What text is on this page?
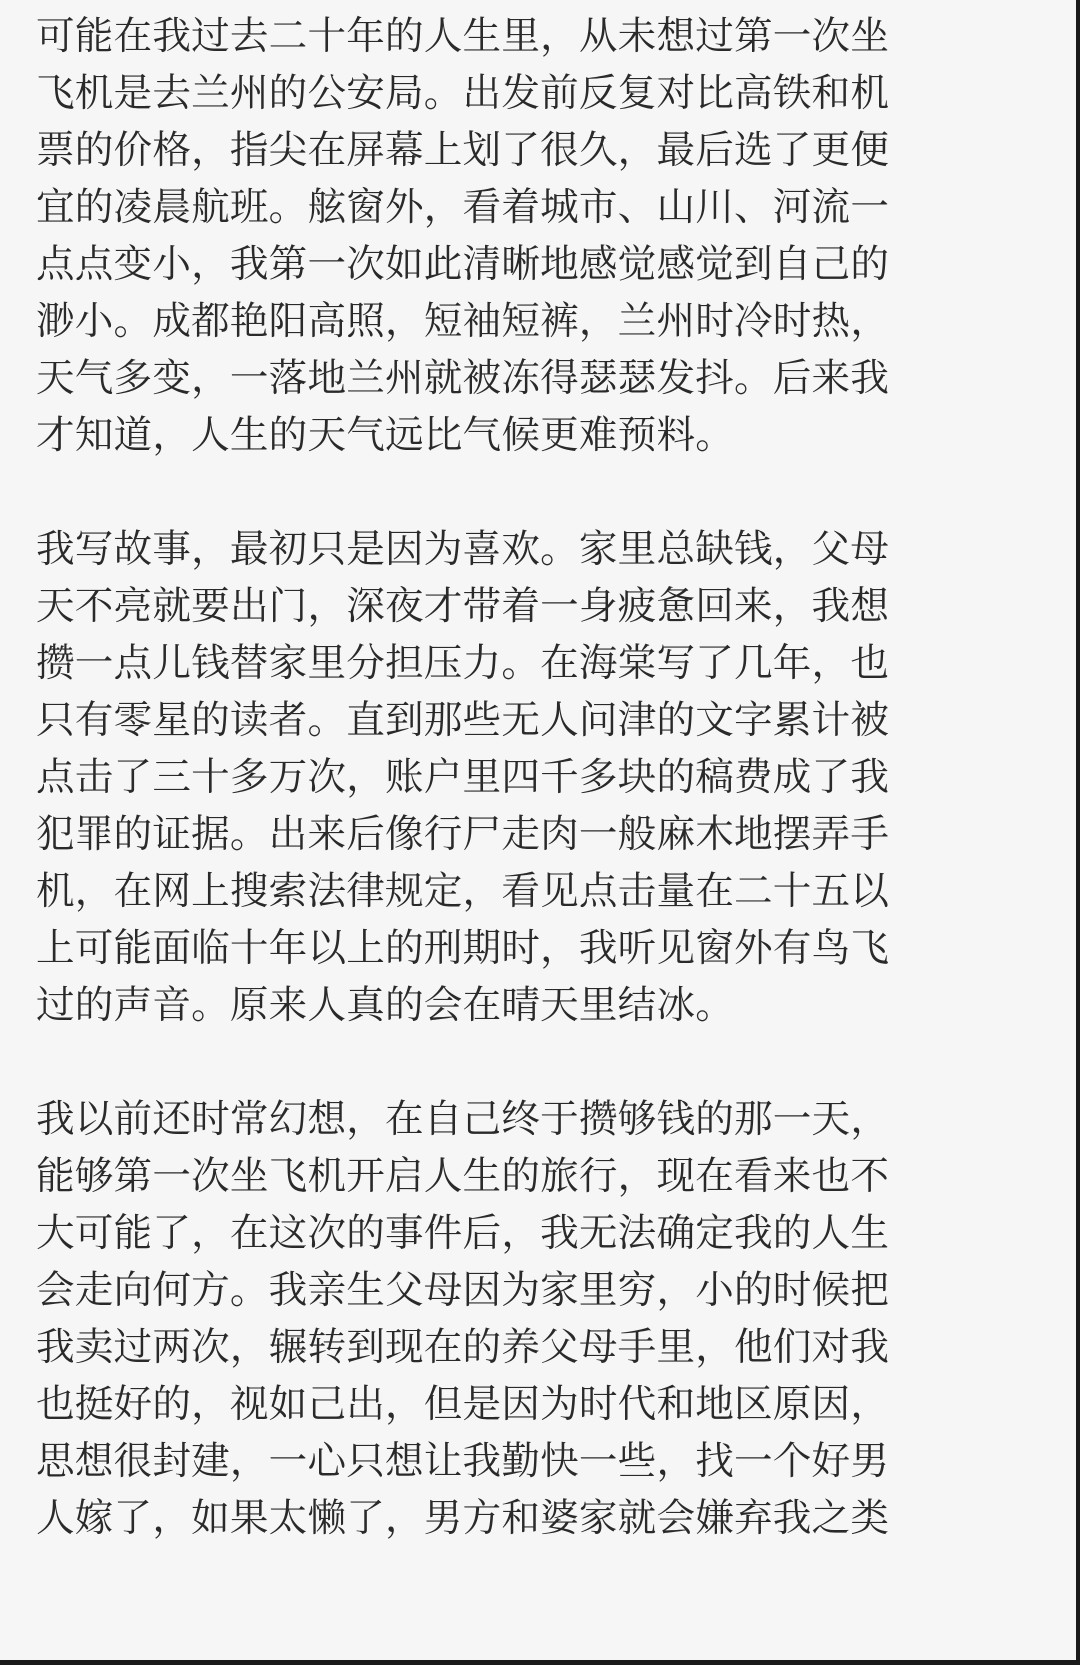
可能在我过去二十年的人生里，从未想过第一次坐
飞机是去兰州的公安局。出发前反复对比高铁和机
票的价格，指尖在屏幕上划了很久，最后选了更便
宜的凌晨航班。舷窗外，看着城市、山川、河流一
点点变小，我第一次如此清晰地感觉感觉到自己的
渺小。成都艳阳高照，短袖短裤，兰州时冷时热，
天气多变，一落地兰州就被冻得瑟瑟发抖。后来我
才知道，人生的天气远比气候更难预料。

我写故事，最初只是因为喜欢。家里总缺钱，父母
天不亮就要出门，深夜才带着一身疲惫回来，我想
攒一点儿钱替家里分担压力。在海棠写了几年，也
只有零星的读者。直到那些无人问津的文字累计被
点击了三十多万次，账户里四千多块的稿费成了我
犯罪的证据。出来后像行尸走肉一般麻木地摆弄手
机，在网上搜索法律规定，看见点击量在二十五以
上可能面临十年以上的刑期时，我听见窗外有鸟飞
过的声音。原来人真的会在晴天里结冰。

我以前还时常幻想，在自己终于攒够钱的那一天，
能够第一次坐飞机开启人生的旅行，现在看来也不
大可能了，在这次的事件后，我无法确定我的人生
会走向何方。我亲生父母因为家里穷，小的时候把
我卖过两次，辗转到现在的养父母手里，他们对我
也挺好的，视如己出，但是因为时代和地区原因，
思想很封建，一心只想让我勤快一些，找一个好男
人嫁了，如果太懒了，男方和婆家就会嫌弃我之类
